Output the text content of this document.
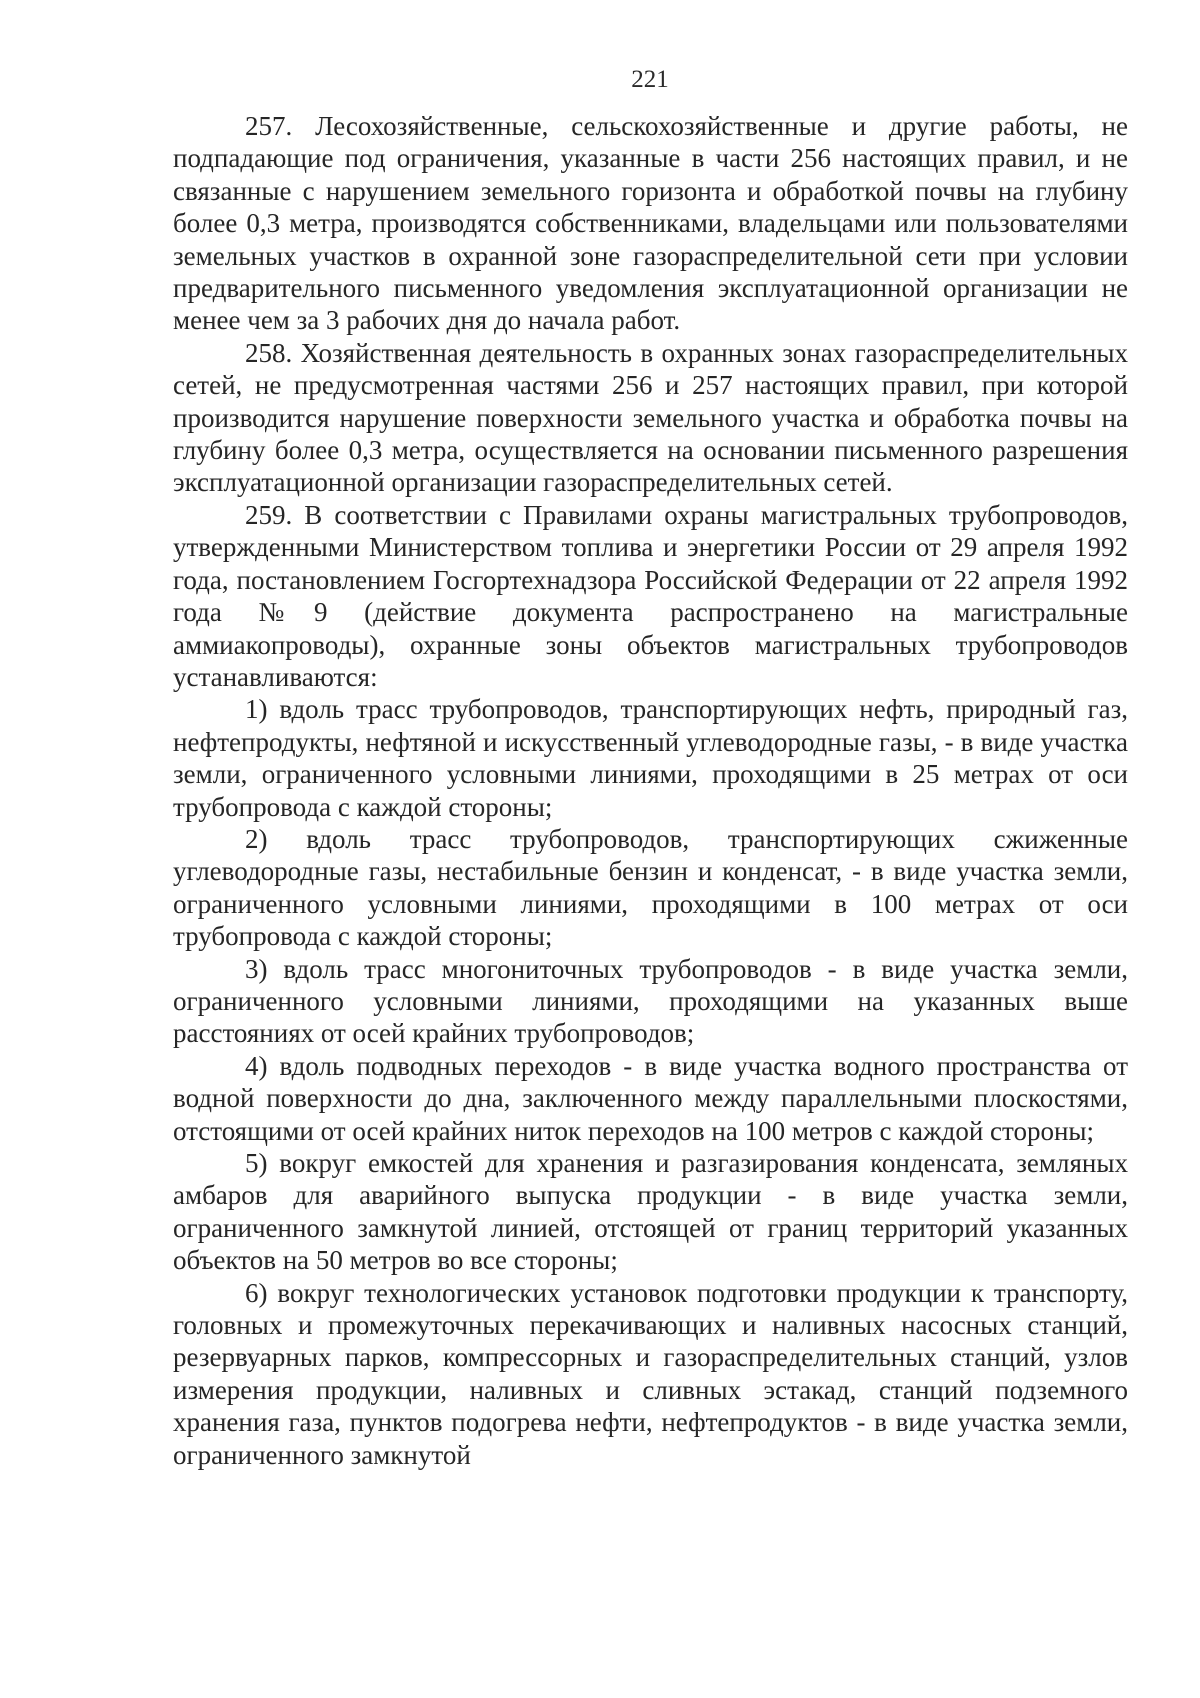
221

257. Лесохозяйственные, сельскохозяйственные и другие работы, не подпадающие под ограничения, указанные в части 256 настоящих правил, и не связанные с нарушением земельного горизонта и обработкой почвы на глубину более 0,3 метра, производятся собственниками, владельцами или пользователями земельных участков в охранной зоне газораспределительной сети при условии предварительного письменного уведомления эксплуатационной организации не менее чем за 3 рабочих дня до начала работ.

258. Хозяйственная деятельность в охранных зонах газораспределительных сетей, не предусмотренная частями 256 и 257 настоящих правил, при которой производится нарушение поверхности земельного участка и обработка почвы на глубину более 0,3 метра, осуществляется на основании письменного разрешения эксплуатационной организации газораспределительных сетей.

259. В соответствии с Правилами охраны магистральных трубопроводов, утвержденными Министерством топлива и энергетики России от 29 апреля 1992 года, постановлением Госгортехнадзора Российской Федерации от 22 апреля 1992 года №9 (действие документа распространено на магистральные аммиакопроводы), охранные зоны объектов магистральных трубопроводов устанавливаются:

1) вдоль трасс трубопроводов, транспортирующих нефть, природный газ, нефтепродукты, нефтяной и искусственный углеводородные газы, - в виде участка земли, ограниченного условными линиями, проходящими в 25 метрах от оси трубопровода с каждой стороны;

2) вдоль трасс трубопроводов, транспортирующих сжиженные углеводородные газы, нестабильные бензин и конденсат, - в виде участка земли, ограниченного условными линиями, проходящими в 100 метрах от оси трубопровода с каждой стороны;

3) вдоль трасс многониточных трубопроводов - в виде участка земли, ограниченного условными линиями, проходящими на указанных выше расстояниях от осей крайних трубопроводов;

4) вдоль подводных переходов - в виде участка водного пространства от водной поверхности до дна, заключенного между параллельными плоскостями, отстоящими от осей крайних ниток переходов на 100 метров с каждой стороны;

5) вокруг емкостей для хранения и разгазирования конденсата, земляных амбаров для аварийного выпуска продукции - в виде участка земли, ограниченного замкнутой линией, отстоящей от границ территорий указанных объектов на 50 метров во все стороны;

6) вокруг технологических установок подготовки продукции к транспорту, головных и промежуточных перекачивающих и наливных насосных станций, резервуарных парков, компрессорных и газораспределительных станций, узлов измерения продукции, наливных и сливных эстакад, станций подземного хранения газа, пунктов подогрева нефти, нефтепродуктов - в виде участка земли, ограниченного замкнутой
